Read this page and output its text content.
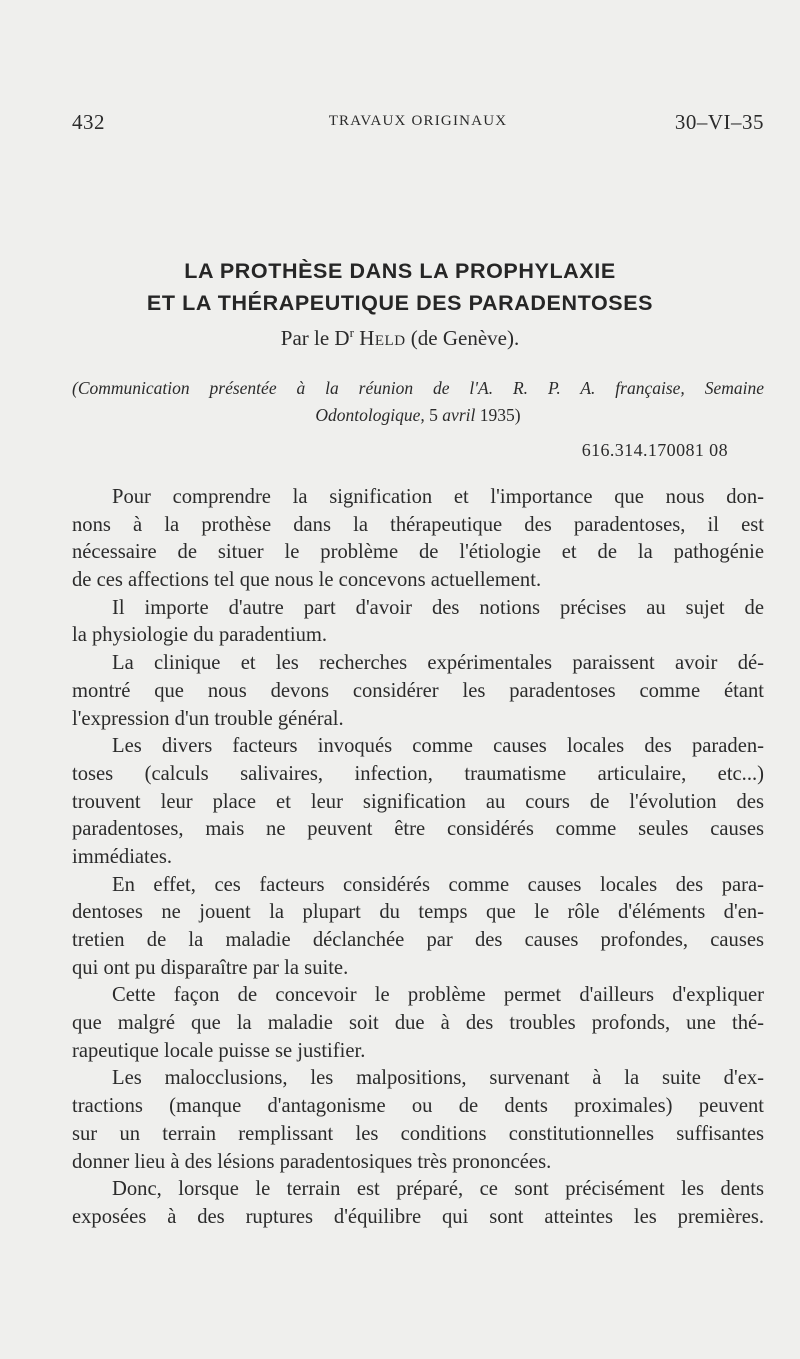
432	TRAVAUX ORIGINAUX	30–VI–35
LA PROTHÈSE DANS LA PROPHYLAXIE
ET LA THÉRAPEUTIQUE DES PARADENTOSES
Par le $D^r$ Held (de Genève).
(Communication présentée à la réunion de l'A. R. P. A. française, Semaine
Odontologique, 5 avril 1935)
616.314.170081 08

Pour comprendre la signification et l'importance que nous don-
nons à la prothèse dans la thérapeutique des paradentoses, il est
nécessaire de situer le problème de l'étiologie et de la pathogénie
de ces affections tel que nous le concevons actuellement.

Il importe d'autre part d'avoir des notions précises au sujet de
la physiologie du paradentium.

La clinique et les recherches expérimentales paraissent avoir dé-
montré que nous devons considérer les paradentoses comme étant
l'expression d'un trouble général.

Les divers facteurs invoqués comme causes locales des paraden-
toses (calculs salivaires, infection, traumatisme articulaire, etc...)
trouvent leur place et leur signification au cours de l'évolution des
paradentoses, mais ne peuvent être considérés comme seules causes
immédiates.

En effet, ces facteurs considérés comme causes locales des para-
dentoses ne jouent la plupart du temps que le rôle d'éléments d'en-
tretien de la maladie déclanchée par des causes profondes, causes
qui ont pu disparaître par la suite.

Cette façon de concevoir le problème permet d'ailleurs d'expliquer
que malgré que la maladie soit due à des troubles profonds, une thé-
rapeutique locale puisse se justifier.

Les malocclusions, les malpositions, survenant à la suite d'ex-
tractions (manque d'antagonisme ou de dents proximales) peuvent
sur un terrain remplissant les conditions constitutionnelles suffisantes
donner lieu à des lésions paradentosiques très prononcées.

Donc, lorsque le terrain est préparé, ce sont précisément les dents
exposées à des ruptures d'équilibre qui sont atteintes les premières.
